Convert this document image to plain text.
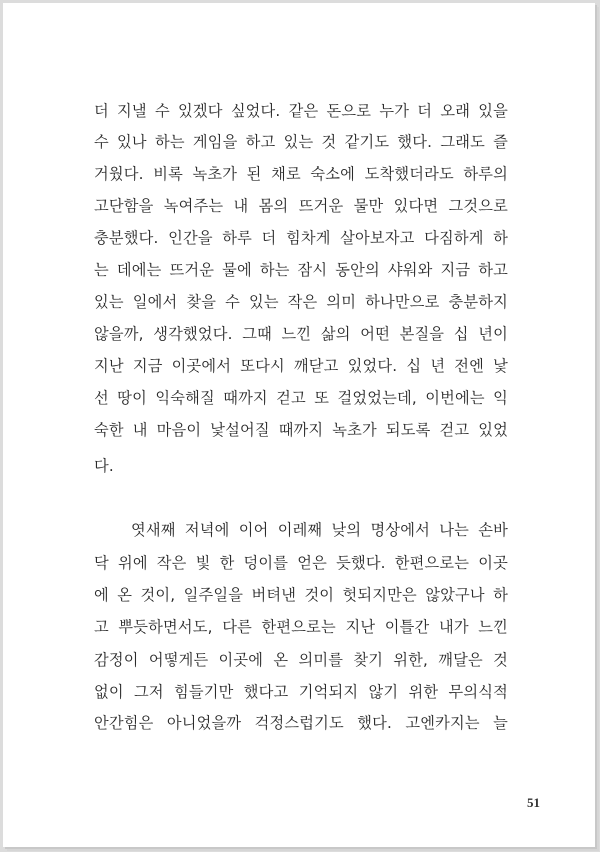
더 지낼 수 있겠다 싶었다. 같은 돈으로 누가 더 오래 있을
수 있나 하는 게임을 하고 있는 것 같기도 했다. 그래도 즐
거웠다. 비록 녹초가 된 채로 숙소에 도착했더라도 하루의
고단함을 녹여주는 내 몸의 뜨거운 물만 있다면 그것으로
충분했다. 인간을 하루 더 힘차게 살아보자고 다짐하게 하
는 데에는 뜨거운 물에 하는 잠시 동안의 샤워와 지금 하고
있는 일에서 찾을 수 있는 작은 의미 하나만으로 충분하지
않을까, 생각했었다. 그때 느낀 삶의 어떤 본질을 십 년이
지난 지금 이곳에서 또다시 깨닫고 있었다. 십 년 전엔 낯
선 땅이 익숙해질 때까지 걷고 또 걸었었는데, 이번에는 익
숙한 내 마음이 낯설어질 때까지 녹초가 되도록 걷고 있었
다.
엿새째 저녁에 이어 이레째 낮의 명상에서 나는 손바
닥 위에 작은 빛 한 덩이를 얻은 듯했다. 한편으로는 이곳
에 온 것이, 일주일을 버텨낸 것이 헛되지만은 않았구나 하
고 뿌듯하면서도, 다른 한편으로는 지난 이틀간 내가 느낀
감정이 어떻게든 이곳에 온 의미를 찾기 위한, 깨달은 것
없이 그저 힘들기만 했다고 기억되지 않기 위한 무의식적
안간힘은 아니었을까 걱정스럽기도 했다. 고엔카지는 늘
51
